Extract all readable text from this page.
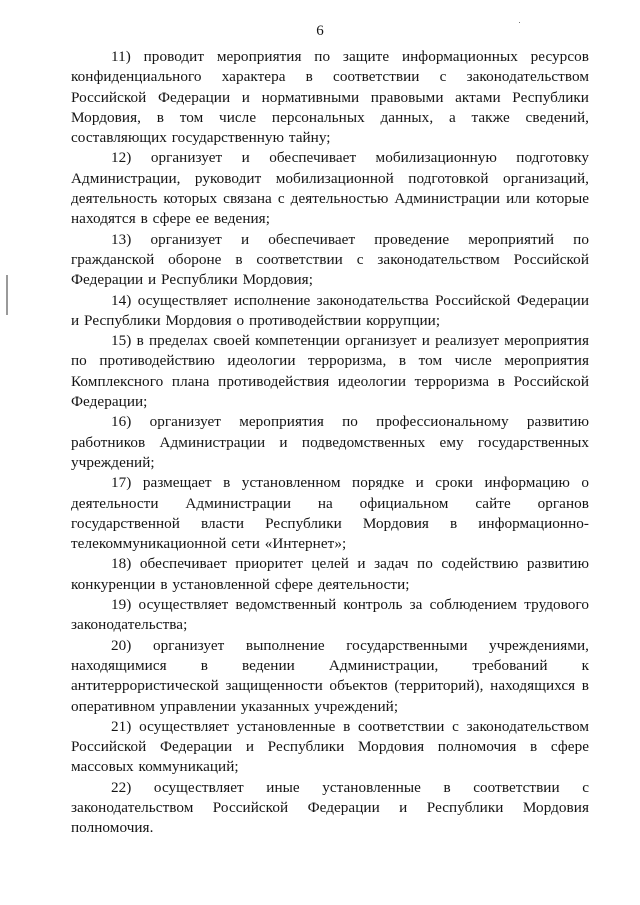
6

11) проводит мероприятия по защите информационных ресурсов конфиденциального характера в соответствии с законодательством Российской Федерации и нормативными правовыми актами Республики Мордовия, в том числе персональных данных, а также сведений, составляющих государственную тайну;

12) организует и обеспечивает мобилизационную подготовку Администрации, руководит мобилизационной подготовкой организаций, деятельность которых связана с деятельностью Администрации или которые находятся в сфере ее ведения;

13) организует и обеспечивает проведение мероприятий по гражданской обороне в соответствии с законодательством Российской Федерации и Республики Мордовия;

14) осуществляет исполнение законодательства Российской Федерации и Республики Мордовия о противодействии коррупции;

15) в пределах своей компетенции организует и реализует мероприятия по противодействию идеологии терроризма, в том числе мероприятия Комплексного плана противодействия идеологии терроризма в Российской Федерации;

16) организует мероприятия по профессиональному развитию работников Администрации и подведомственных ему государственных учреждений;

17) размещает в установленном порядке и сроки информацию о деятельности Администрации на официальном сайте органов государственной власти Республики Мордовия в информационно-телекоммуникационной сети «Интернет»;

18) обеспечивает приоритет целей и задач по содействию развитию конкуренции в установленной сфере деятельности;

19) осуществляет ведомственный контроль за соблюдением трудового законодательства;

20) организует выполнение государственными учреждениями, находящимися в ведении Администрации, требований к антитеррористической защищенности объектов (территорий), находящихся в оперативном управлении указанных учреждений;

21) осуществляет установленные в соответствии с законодательством Российской Федерации и Республики Мордовия полномочия в сфере массовых коммуникаций;

22) осуществляет иные установленные в соответствии с законодательством Российской Федерации и Республики Мордовия полномочия.
